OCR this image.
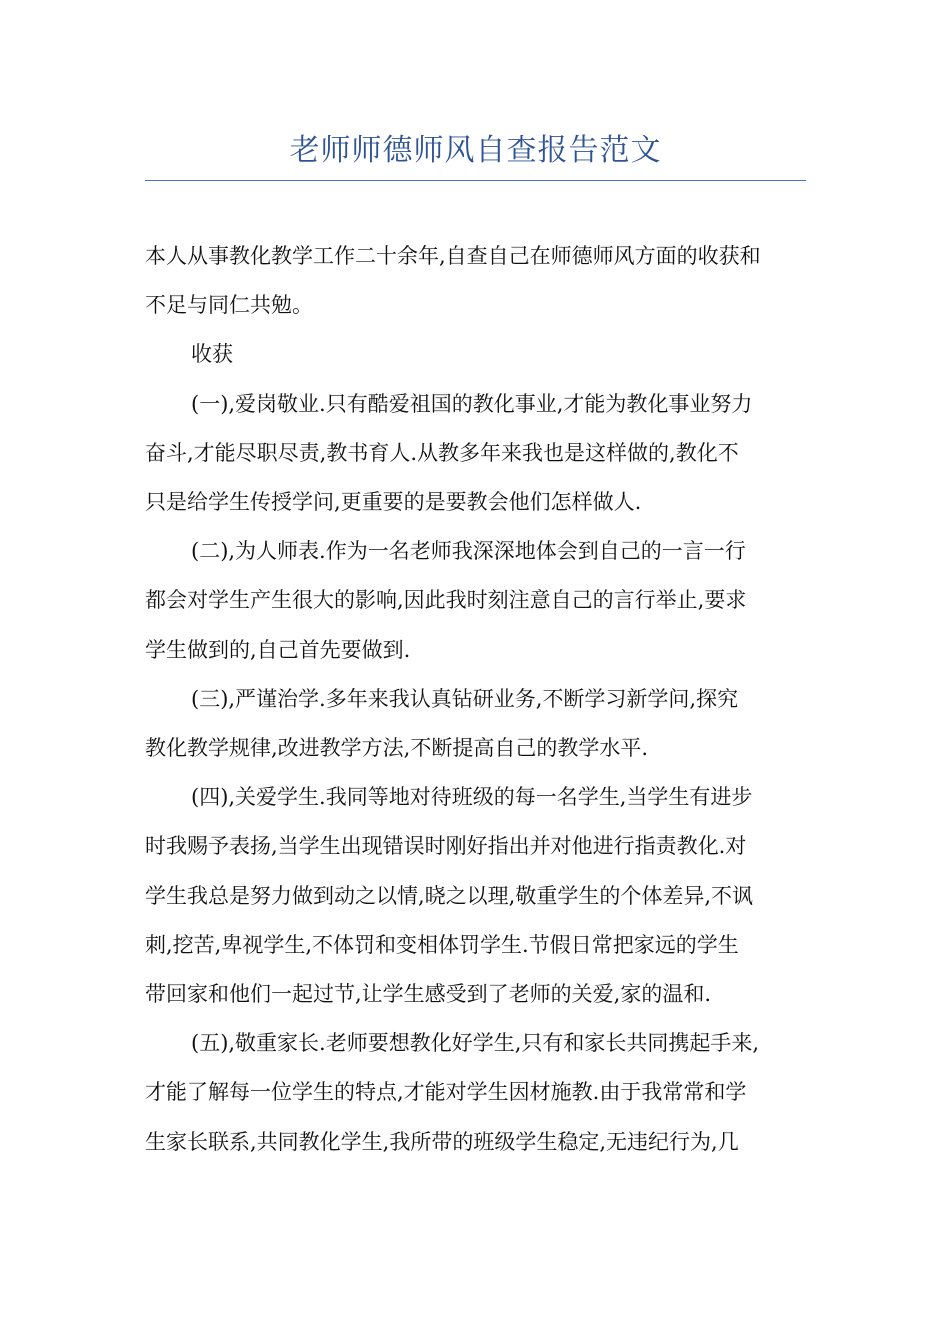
老师师德师风自查报告范文
本人从事教化教学工作二十余年,自查自己在师德师风方面的收获和
不足与同仁共勉。
收获
(一),爱岗敬业.只有酷爱祖国的教化事业,才能为教化事业努力
奋斗,才能尽职尽责,教书育人.从教多年来我也是这样做的,教化不
只是给学生传授学问,更重要的是要教会他们怎样做人.
(二),为人师表.作为一名老师我深深地体会到自己的一言一行
都会对学生产生很大的影响,因此我时刻注意自己的言行举止,要求
学生做到的,自己首先要做到.
(三),严谨治学.多年来我认真钻研业务,不断学习新学问,探究
教化教学规律,改进教学方法,不断提高自己的教学水平.
(四),关爱学生.我同等地对待班级的每一名学生,当学生有进步
时我赐予表扬,当学生出现错误时刚好指出并对他进行指责教化.对
学生我总是努力做到动之以情,晓之以理,敬重学生的个体差异,不讽
刺,挖苦,卑视学生,不体罚和变相体罚学生.节假日常把家远的学生
带回家和他们一起过节,让学生感受到了老师的关爱,家的温和.
(五),敬重家长.老师要想教化好学生,只有和家长共同携起手来,
才能了解每一位学生的特点,才能对学生因材施教.由于我常常和学
生家长联系,共同教化学生,我所带的班级学生稳定,无违纪行为,几
